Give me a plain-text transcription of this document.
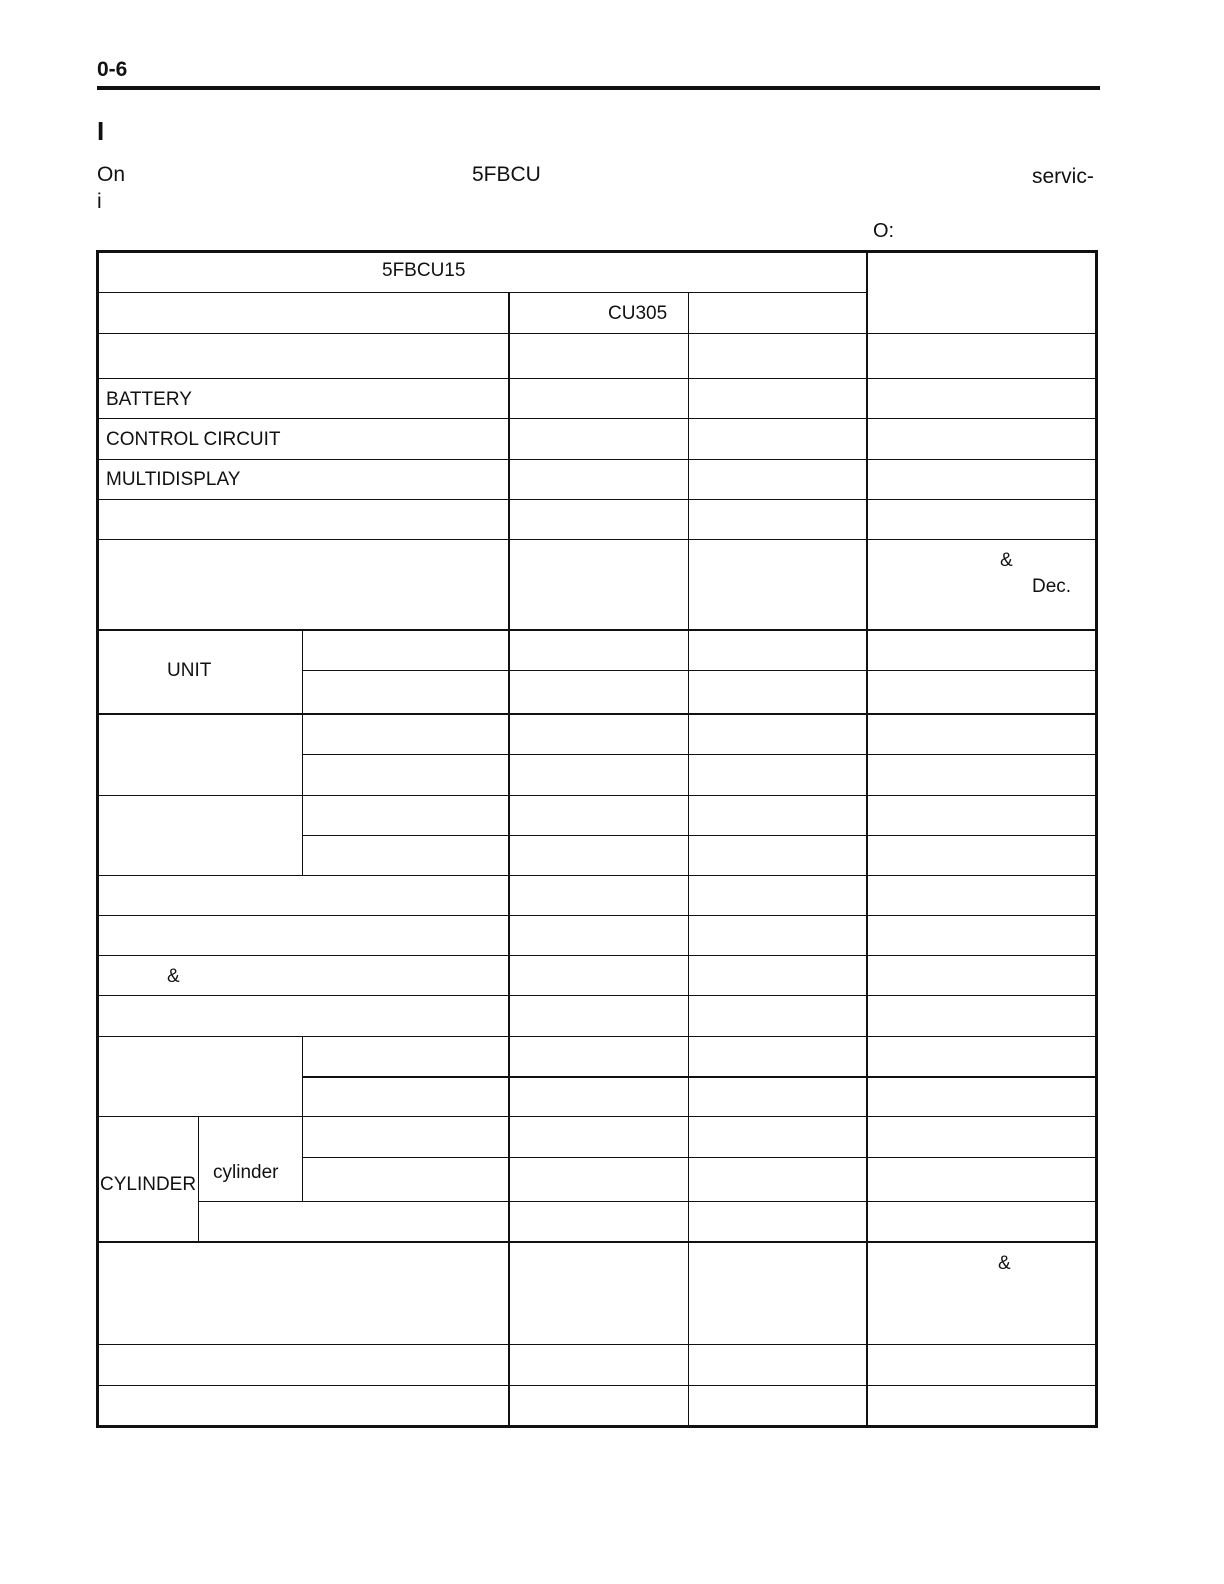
0-6
I
On	5FBCU	servic-
i
O:
5FBCU15
CU305
BATTERY
CONTROL CIRCUIT
MULTIDISPLAY
&
Dec.
UNIT
&
CYLINDER
cylinder
&
